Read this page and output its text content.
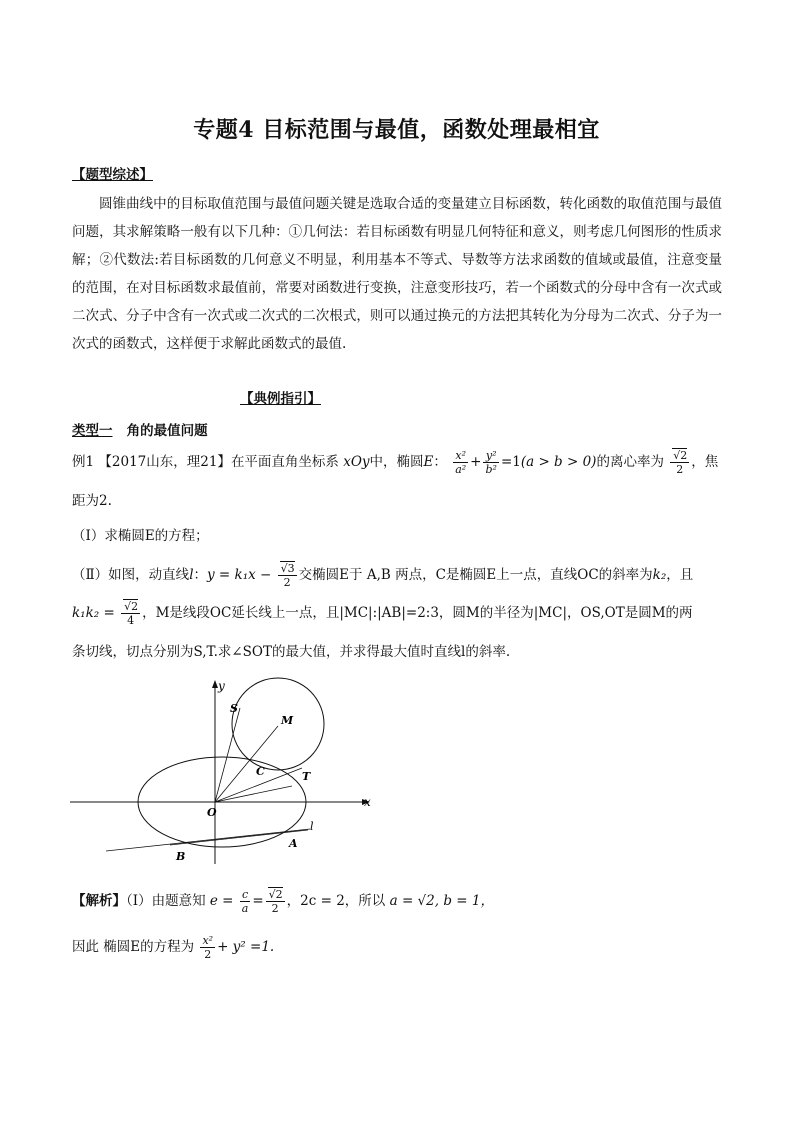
专题4 目标范围与最值，函数处理最相宜
【题型综述】
圆锥曲线中的目标取值范围与最值问题关键是选取合适的变量建立目标函数，转化函数的取值范围与最值问题，其求解策略一般有以下几种：①几何法：若目标函数有明显几何特征和意义，则考虑几何图形的性质求解；②代数法:若目标函数的几何意义不明显，利用基本不等式、导数等方法求函数的值域或最值，注意变量的范围，在对目标函数求最值前，常要对函数进行变换，注意变形技巧，若一个函数式的分母中含有一次式或二次式、分子中含有一次式或二次式的二次根式，则可以通过换元的方法把其转化为分母为二次式、分子为一次式的函数式，这样便于求解此函数式的最值.
【典例指引】
类型一 角的最值问题
例1 【2017山东，理21】在平面直角坐标系 xOy中，椭圆E： $\frac{\text{x²}}{\text{a²}} + \frac{\text{y²}}{\text{b²}} =1(a > b > 0)$的离心率为 $\frac{√2}{2}$ ，焦
距为2.
（Ⅰ）求椭圆E的方程；
（Ⅱ）如图，动直线l：$y = k_1x - \frac{√3}{2}$ 交椭圆E于 A,B 两点，C是椭圆E上一点，直线OC的斜率为k₂，且
$k_1k_2 = \frac{√2}{4}$ ，M是线段OC延长线上一点，且|MC|:|AB|=2:3，圆M的半径为|MC|，OS,OT是圆M的两
条切线，切点分别为S,T.求∠SOT的最大值，并求得最大值时直线l的斜率.
y
x
O
S
M
C	T
l
A
B
【解析】（I）由题意知 $e = \frac{c}{a} = \frac{√2}{2}$ ，2c = 2，所以 a = √2, b = 1，
因此 椭圆E的方程为 $\frac{\text{x²}}{2} + y^2 =1$.
